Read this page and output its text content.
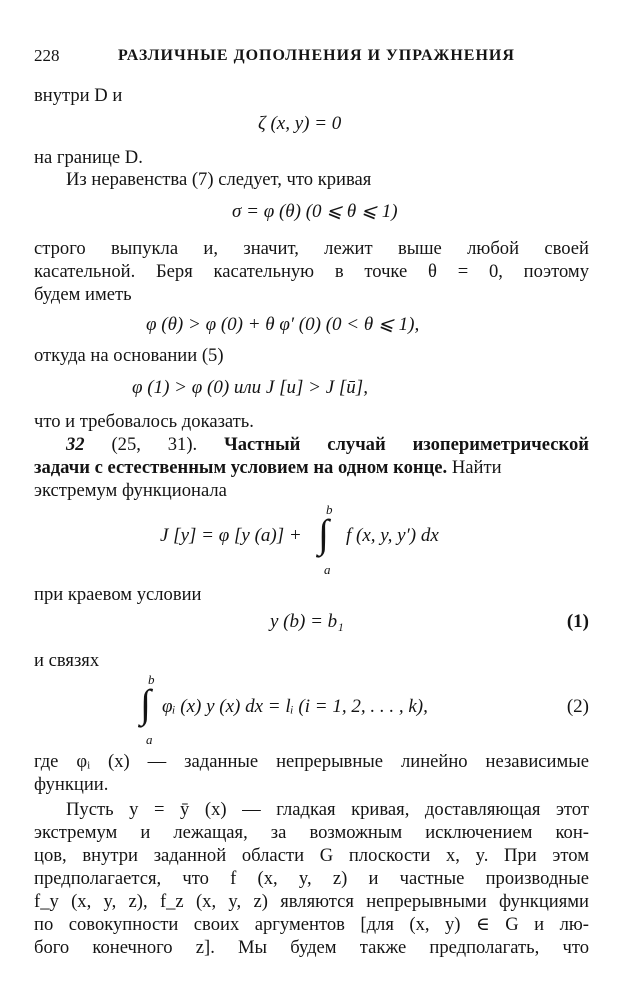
228	РАЗЛИЧНЫЕ ДОПОЛНЕНИЯ И УПРАЖНЕНИЯ
внутри D и
ζ (x, y) = 0
на границе D.
Из неравенства (7) следует, что кривая
σ = φ (θ) (0 ⩽ θ ⩽ 1)
строго выпукла и, значит, лежит выше любой своей
касательной. Беря касательную в точке θ = 0, поэтому
будем иметь
φ (θ) > φ (0) + θ φ′ (0) (0 < θ ⩽ 1),
откуда на основании (5)
φ (1) > φ (0) или J [u] > J [ū],
что и требовалось доказать.
32 (25, 31). Частный случай изопериметрической
задачи с естественным условием на одном конце. Найти
экстремум функционала
J [y] = φ [y (a)] + ∫
b
a
f (x, y, y′) dx
при краевом условии
y (b) = b₁	(1)
и связях
∫
b
a
φᵢ (x) y (x) dx = lᵢ (i = 1, 2, . . . , k),	(2)
где φᵢ (x) — заданные непрерывные линейно независимые
функции.
Пусть y = ȳ (x) — гладкая кривая, доставляющая этот
экстремум и лежащая, за возможным исключением кон-
цов, внутри заданной области G плоскости x, y. При этом
предполагается, что f (x, y, z) и частные производные
f_y (x, y, z), f_z (x, y, z) являются непрерывными функциями
по совокупности своих аргументов [для (x, y) ∈ G и лю-
бого конечного z]. Мы будем также предполагать, что
